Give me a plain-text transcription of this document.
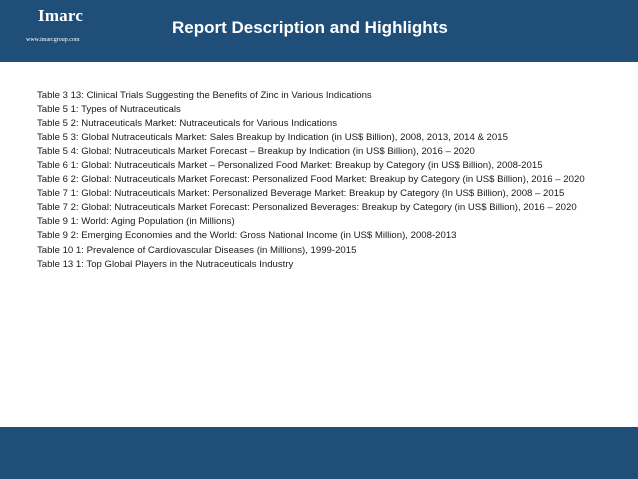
Imarc
www.imarcgroup.com
Report Description and Highlights

Table 3 13: Clinical Trials Suggesting the Benefits of Zinc in Various Indications

Table 5 1: Types of Nutraceuticals

Table 5 2: Nutraceuticals Market: Nutraceuticals for Various Indications

Table 5 3: Global Nutraceuticals Market: Sales Breakup by Indication (in US$ Billion), 2008, 2013, 2014 & 2015

Table 5 4: Global: Nutraceuticals Market Forecast – Breakup by Indication (in US$ Billion), 2016 – 2020

Table 6 1: Global: Nutraceuticals Market – Personalized Food Market: Breakup by Category (in US$ Billion), 2008-2015

Table 6 2: Global: Nutraceuticals Market Forecast: Personalized Food Market: Breakup by Category (in US$ Billion), 2016 – 2020

Table 7 1: Global: Nutraceuticals Market: Personalized Beverage Market: Breakup by Category (In US$ Billion), 2008 – 2015

Table 7 2: Global: Nutraceuticals Market Forecast: Personalized Beverages: Breakup by Category (in US$ Billion), 2016 – 2020

Table 9 1: World: Aging Population (in Millions)

Table 9 2: Emerging Economies and the World: Gross National Income (in US$ Million), 2008-2013

Table 10 1: Prevalence of Cardiovascular Diseases (in Millions), 1999-2015

Table 13 1: Top Global Players in the Nutraceuticals Industry
